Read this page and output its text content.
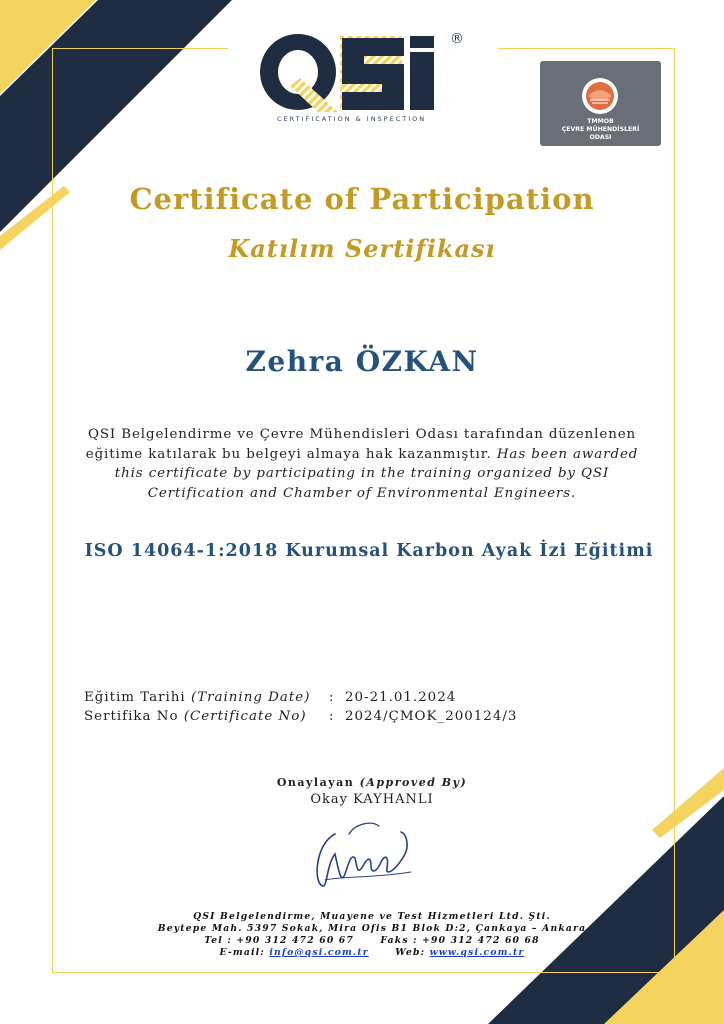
®
CERTIFICATION & INSPECTION	TMMOB
ÇEVRE MÜHENDİSLERİ
ODASI
Certificate of Participation
Katılım Sertifikası
Zehra ÖZKAN
QSI Belgelendirme ve Çevre Mühendisleri Odası tarafından düzenlenen eğitime katılarak bu belgeyi almaya hak kazanmıştır. Has been awarded this certificate by participating in the training organized by QSI Certification and Chamber of Environmental Engineers.
ISO 14064-1:2018 Kurumsal Karbon Ayak İzi Eğitimi
Eğitim Tarihi (Training Date) : 20-21.01.2024
Sertifika No (Certificate No) : 2024/ÇMOK_200124/3
Onaylayan (Approved By)
Okay KAYHANLI
QSI Belgelendirme, Muayene ve Test Hizmetleri Ltd. Şti.
Beytepe Mah. 5397 Sokak, Mira Ofis B1 Blok D:2, Çankaya – Ankara
Tel : +90 312 472 60 67	Faks : +90 312 472 60 68
E-mail: info@qsi.com.tr	Web: www.qsi.com.tr
